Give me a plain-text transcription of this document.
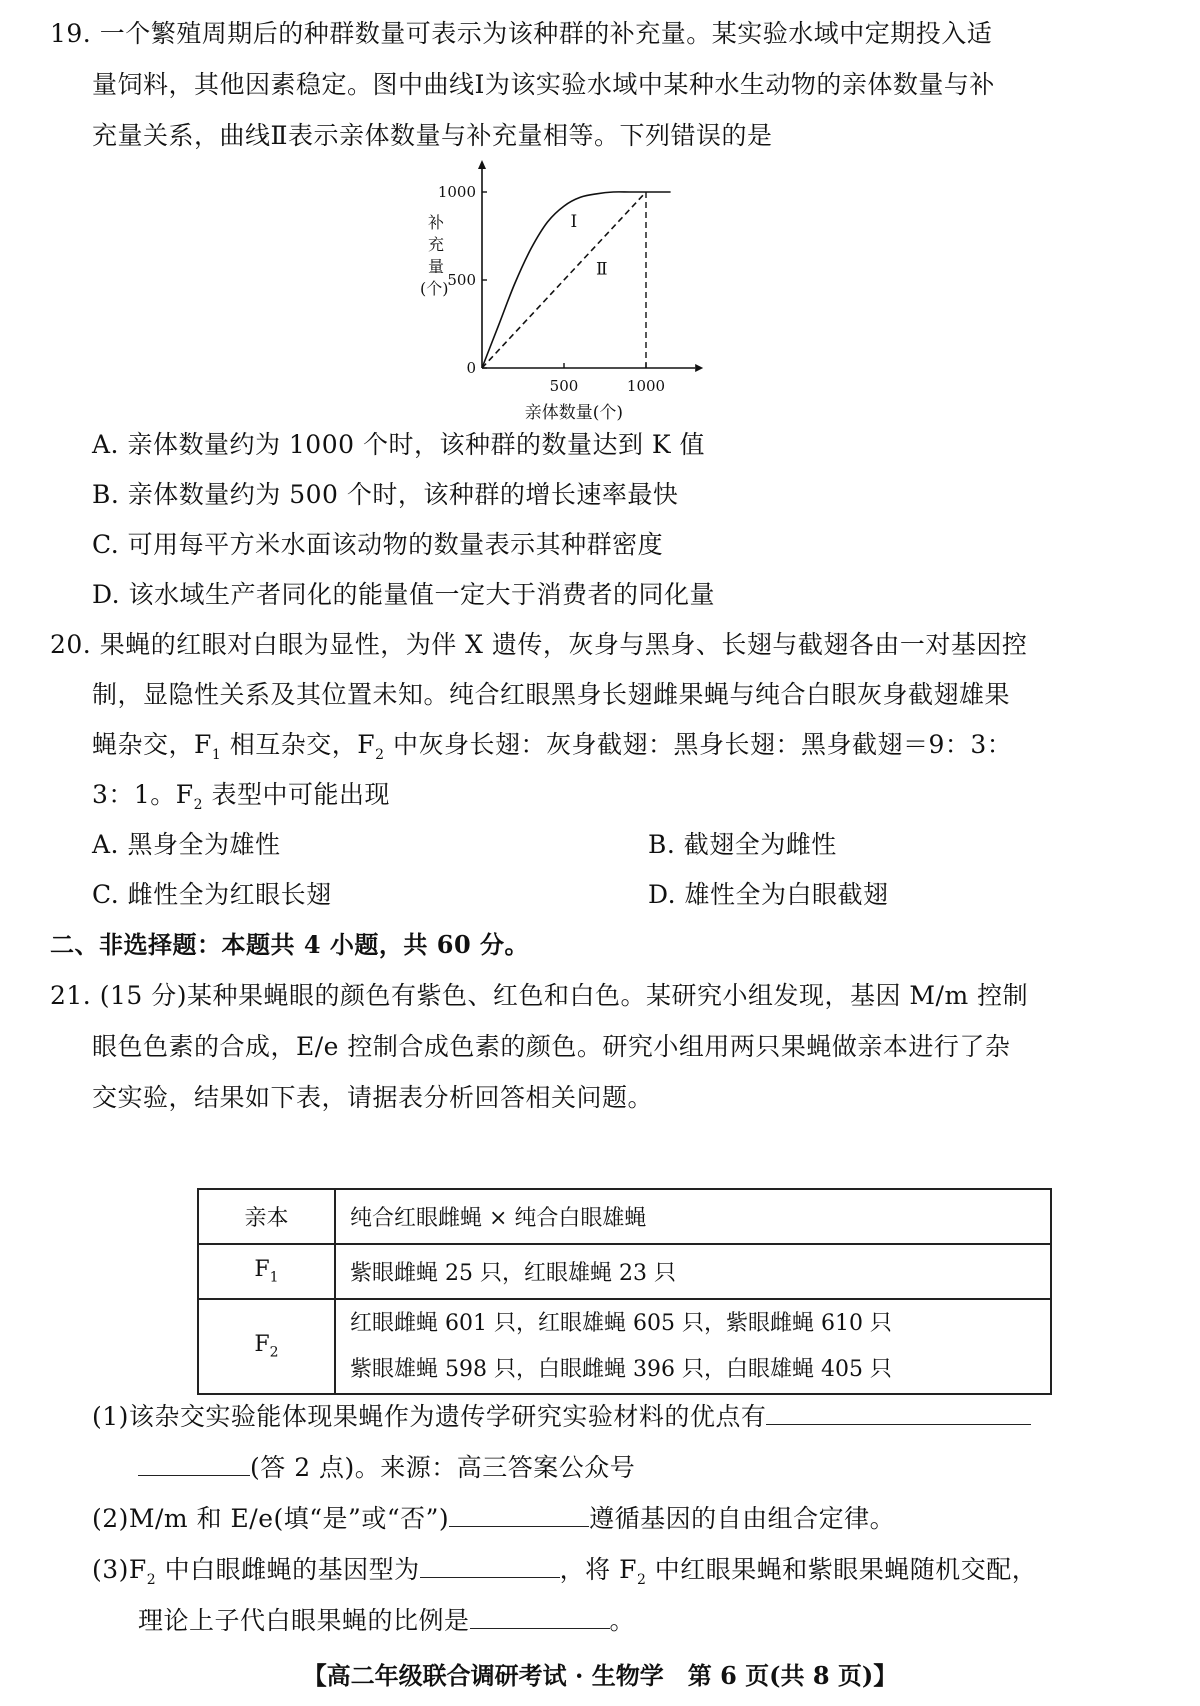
19. 一个繁殖周期后的种群数量可表示为该种群的补充量。某实验水域中定期投入适
量饲料，其他因素稳定。图中曲线Ⅰ为该实验水域中某种水生动物的亲体数量与补
充量关系，曲线Ⅱ表示亲体数量与补充量相等。下列错误的是
0
500
1000
500	1000
Ⅰ
Ⅱ
补
充
量
(个)
亲体数量(个)
A. 亲体数量约为 1000 个时，该种群的数量达到 K 值
B. 亲体数量约为 500 个时，该种群的增长速率最快
C. 可用每平方米水面该动物的数量表示其种群密度
D. 该水域生产者同化的能量值一定大于消费者的同化量
20. 果蝇的红眼对白眼为显性，为伴 X 遗传，灰身与黑身、长翅与截翅各由一对基因控
制，显隐性关系及其位置未知。纯合红眼黑身长翅雌果蝇与纯合白眼灰身截翅雄果
蝇杂交，$F_1$ 相互杂交，$F_2$ 中灰身长翅：灰身截翅：黑身长翅：黑身截翅＝9：3：
3：1。$F_2$ 表型中可能出现
A. 黑身全为雄性	B. 截翅全为雌性
C. 雌性全为红眼长翅	D. 雄性全为白眼截翅
二、非选择题：本题共 4 小题，共 60 分。
21. (15 分)某种果蝇眼的颜色有紫色、红色和白色。某研究小组发现，基因 M/m 控制
眼色色素的合成，E/e 控制合成色素的颜色。研究小组用两只果蝇做亲本进行了杂
交实验，结果如下表，请据表分析回答相关问题。
亲本	纯合红眼雌蝇 × 纯合白眼雄蝇
$F_1$	紫眼雌蝇 25 只，红眼雄蝇 23 只
$F_2$	红眼雌蝇 601 只，红眼雄蝇 605 只，紫眼雌蝇 610 只
紫眼雄蝇 598 只，白眼雌蝇 396 只，白眼雄蝇 405 只
(1)该杂交实验能体现果蝇作为遗传学研究实验材料的优点有
(答 2 点)。来源：高三答案公众号
(2)M/m 和 E/e(填“是”或“否”)	遵循基因的自由组合定律。
$(3)F_2$ 中白眼雌蝇的基因型为	，将 $F_2$ 中红眼果蝇和紫眼果蝇随机交配，
理论上子代白眼果蝇的比例是	。
【高二年级联合调研考试 · 生物学　第 6 页(共 8 页)】
